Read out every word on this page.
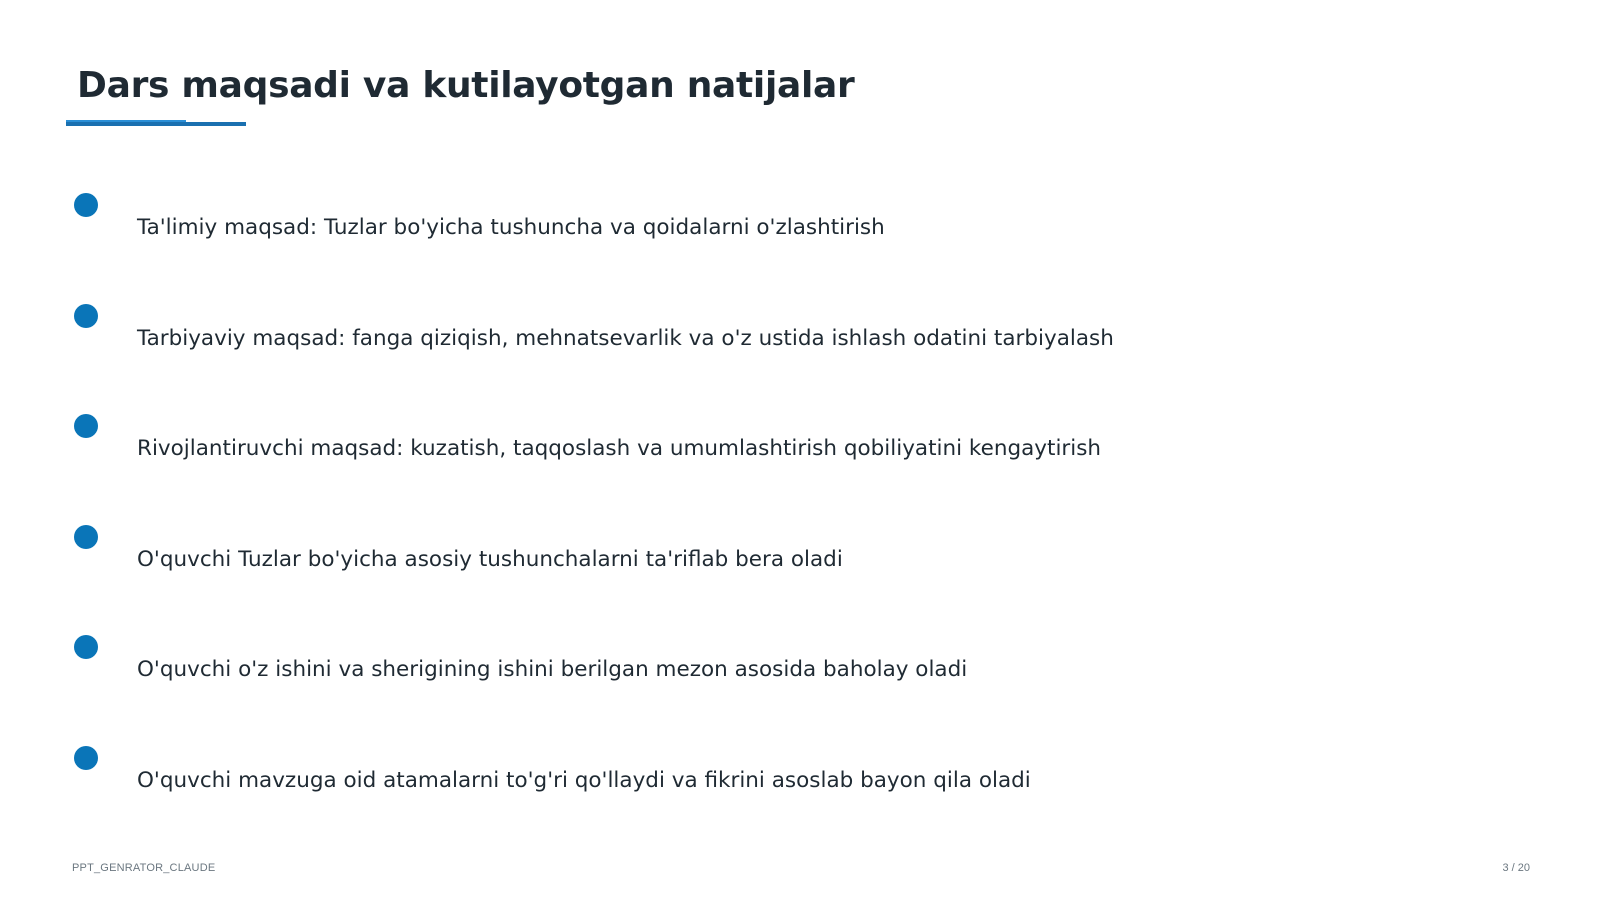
Dars maqsadi va kutilayotgan natijalar
Ta'limiy maqsad: Tuzlar bo'yicha tushuncha va qoidalarni o'zlashtirish
Tarbiyaviy maqsad: fanga qiziqish, mehnatsevarlik va o'z ustida ishlash odatini tarbiyalash
Rivojlantiruvchi maqsad: kuzatish, taqqoslash va umumlashtirish qobiliyatini kengaytirish
O'quvchi Tuzlar bo'yicha asosiy tushunchalarni ta'riflab bera oladi
O'quvchi o'z ishini va sherigining ishini berilgan mezon asosida baholay oladi
O'quvchi mavzuga oid atamalarni to'g'ri qo'llaydi va fikrini asoslab bayon qila oladi
PPT_GENRATOR_CLAUDE	3 / 20
